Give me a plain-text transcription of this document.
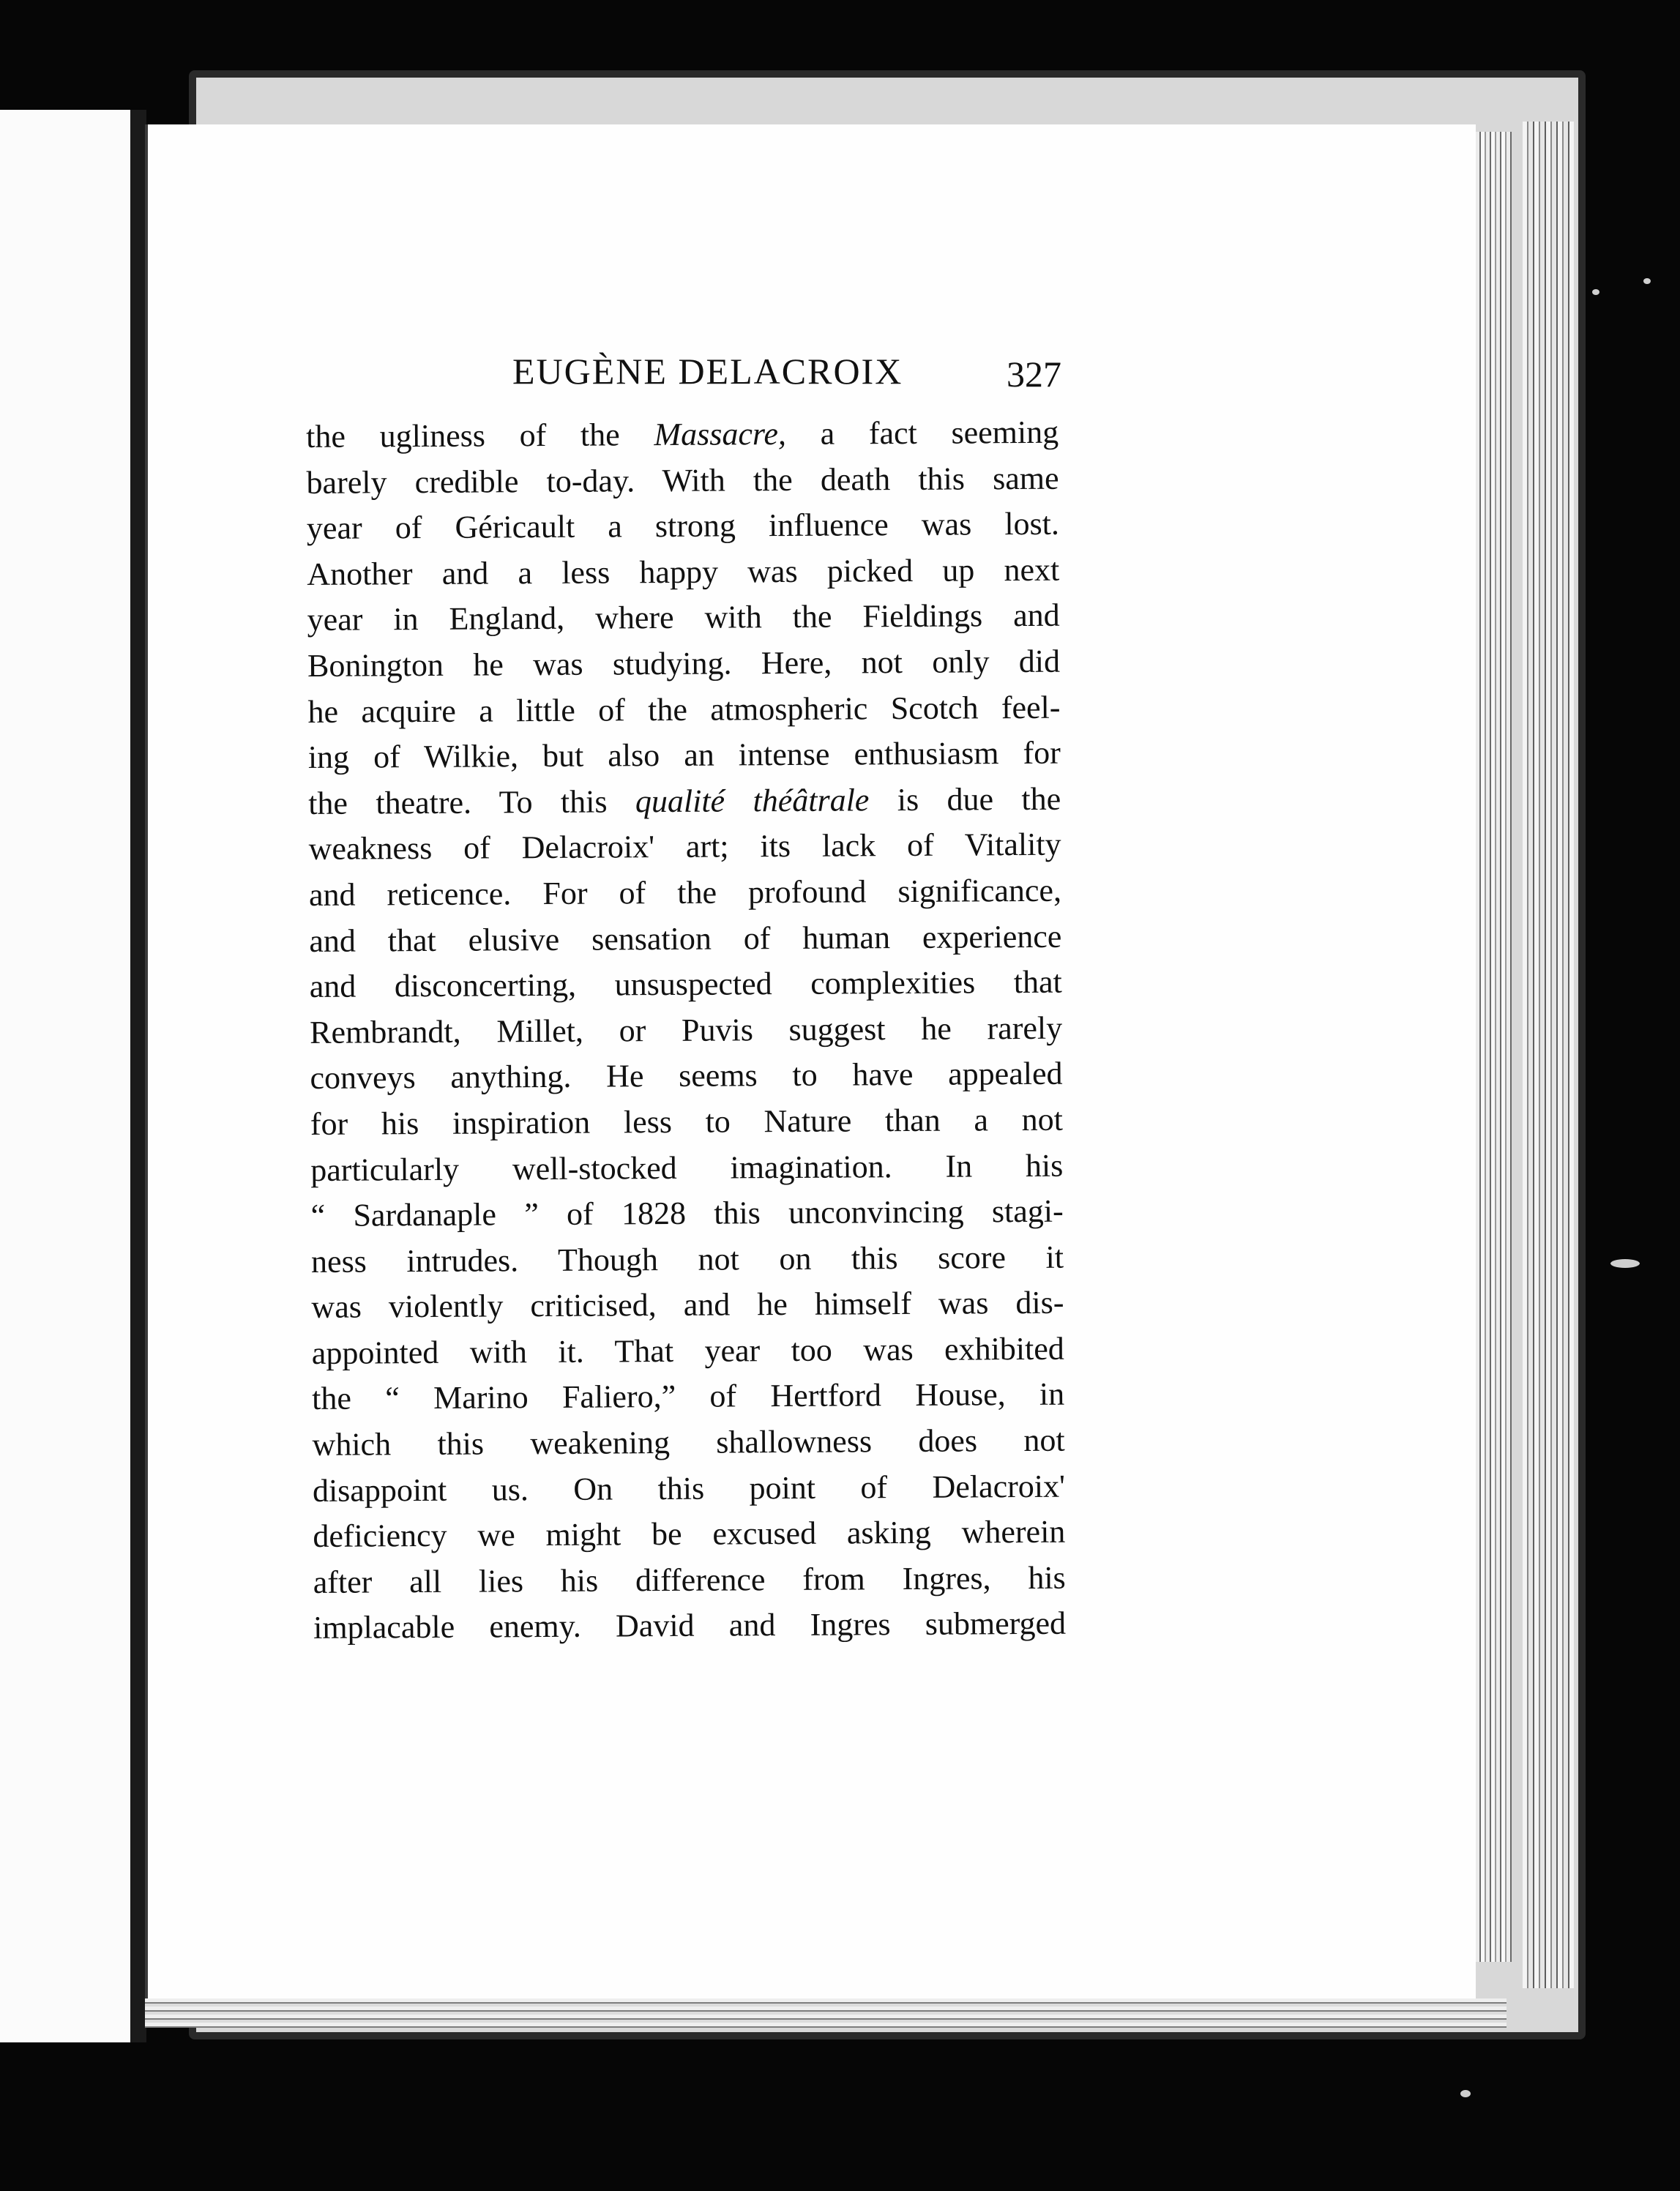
EUGÈNE DELACROIX	327
the ugliness of the Massacre, a fact seeming
barely credible to-day. With the death this same
year of Géricault a strong influence was lost.
Another and a less happy was picked up next
year in England, where with the Fieldings and
Bonington he was studying. Here, not only did
he acquire a little of the atmospheric Scotch feel-
ing of Wilkie, but also an intense enthusiasm for
the theatre. To this qualité théâtrale is due the
weakness of Delacroix' art; its lack of Vitality
and reticence. For of the profound significance,
and that elusive sensation of human experience
and disconcerting, unsuspected complexities that
Rembrandt, Millet, or Puvis suggest he rarely
conveys anything. He seems to have appealed
for his inspiration less to Nature than a not
particularly well-stocked imagination. In his
“ Sardanaple ” of 1828 this unconvincing stagi-
ness intrudes. Though not on this score it
was violently criticised, and he himself was dis-
appointed with it. That year too was exhibited
the “ Marino Faliero,” of Hertford House, in
which this weakening shallowness does not
disappoint us. On this point of Delacroix'
deficiency we might be excused asking wherein
after all lies his difference from Ingres, his
implacable enemy. David and Ingres submerged
